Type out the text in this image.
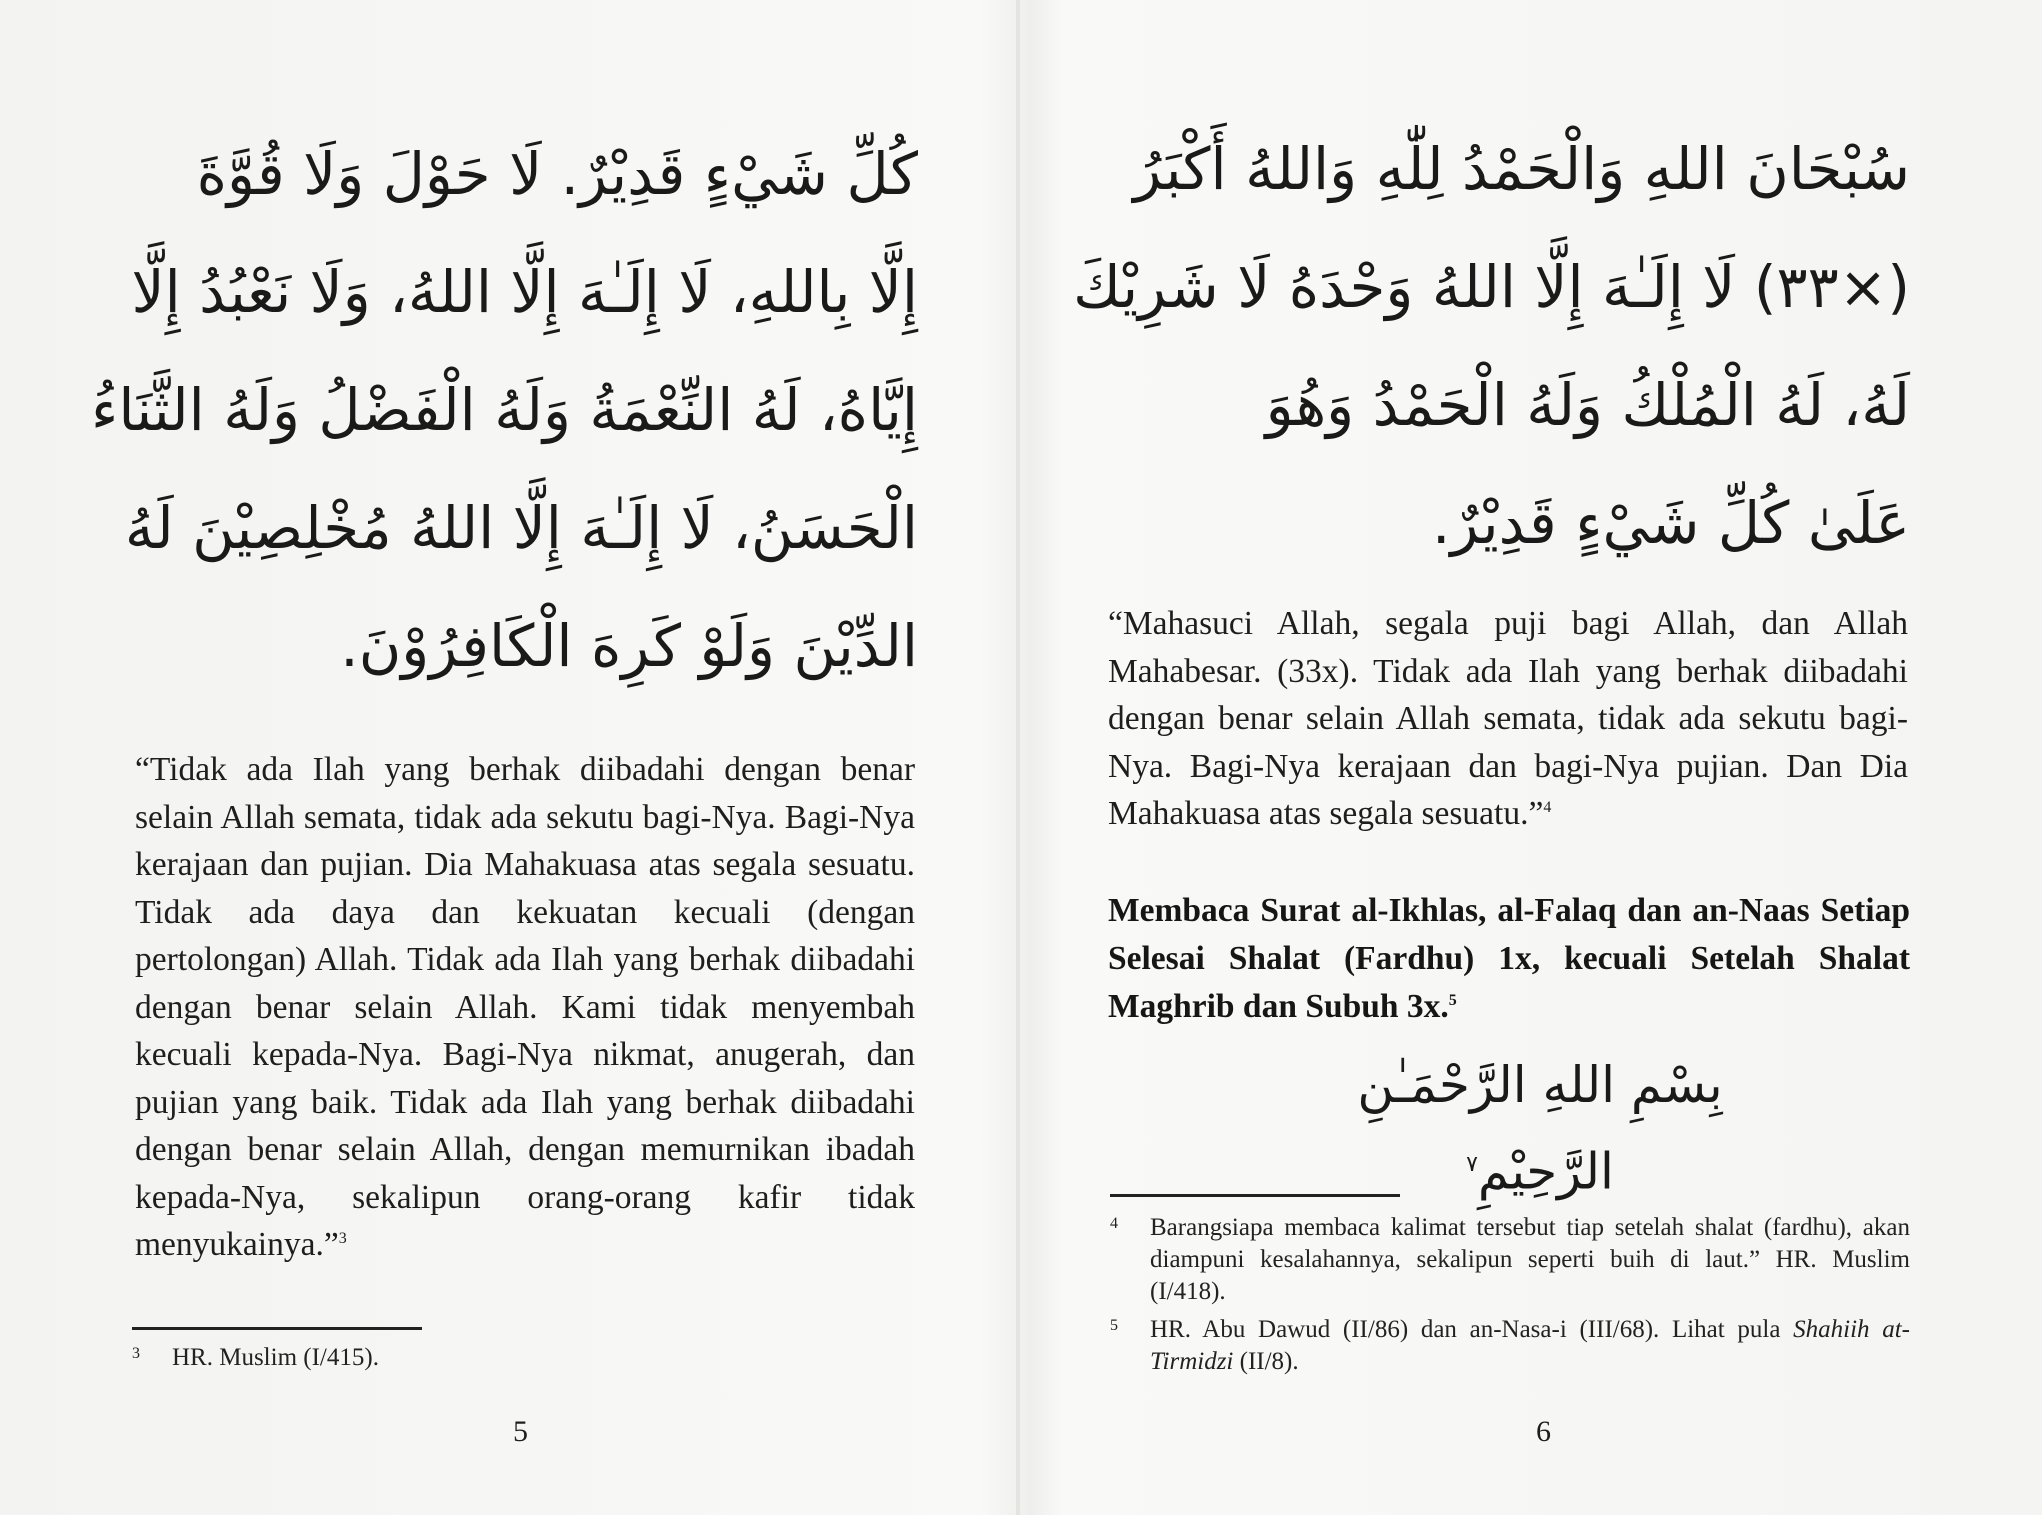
كُلِّ شَيْءٍ قَدِيْرٌ. لَا حَوْلَ وَلَا قُوَّةَ
إِلَّا بِاللهِ، لَا إِلَـٰهَ إِلَّا اللهُ، وَلَا نَعْبُدُ إِلَّا
إِيَّاهُ، لَهُ النِّعْمَةُ وَلَهُ الْفَضْلُ وَلَهُ الثَّنَاءُ
الْحَسَنُ، لَا إِلَـٰهَ إِلَّا اللهُ مُخْلِصِيْنَ لَهُ
الدِّيْنَ وَلَوْ كَرِهَ الْكَافِرُوْنَ.
“Tidak ada Ilah yang berhak diibadahi dengan benar selain Allah semata, tidak ada sekutu bagi-Nya. Bagi-Nya kerajaan dan pujian. Dia Mahakuasa atas segala sesuatu. Tidak ada daya dan kekuatan kecuali (dengan pertolongan) Allah. Tidak ada Ilah yang berhak diibadahi dengan benar selain Allah. Kami tidak menyembah kecuali kepada-Nya. Bagi-Nya nikmat, anugerah, dan pujian yang baik. Tidak ada Ilah yang berhak diibadahi dengan benar selain Allah, dengan memurnikan ibadah kepada-Nya, sekalipun orang-orang kafir tidak menyukainya.”$^3$
3 HR. Muslim (I/415).
5
سُبْحَانَ اللهِ وَالْحَمْدُ لِلّٰهِ وَاللهُ أَكْبَرُ
(×٣٣) لَا إِلَـٰهَ إِلَّا اللهُ وَحْدَهُ لَا شَرِيْكَ
لَهُ، لَهُ الْمُلْكُ وَلَهُ الْحَمْدُ وَهُوَ
عَلَىٰ كُلِّ شَيْءٍ قَدِيْرٌ.
“Mahasuci Allah, segala puji bagi Allah, dan Allah Mahabesar. (33x). Tidak ada Ilah yang berhak diibadahi dengan benar selain Allah semata, tidak ada sekutu bagi-Nya. Bagi-Nya kerajaan dan bagi-Nya pujian. Dan Dia Mahakuasa atas segala sesuatu.”$^4$
Membaca Surat al-Ikhlas, al-Falaq dan an-Naas Setiap Selesai Shalat (Fardhu) 1x, kecuali Setelah Shalat Maghrib dan Subuh 3x.$^5$
بِسْمِ اللهِ الرَّحْمَـٰنِ الرَّحِيْمِ$^٧$
4 Barangsiapa membaca kalimat tersebut tiap setelah shalat (fardhu), akan diampuni kesalahannya, sekalipun seperti buih di laut.” HR. Muslim (I/418).
5 HR. Abu Dawud (II/86) dan an-Nasa-i (III/68). Lihat pula Shahiih at-Tirmidzi (II/8).
6
